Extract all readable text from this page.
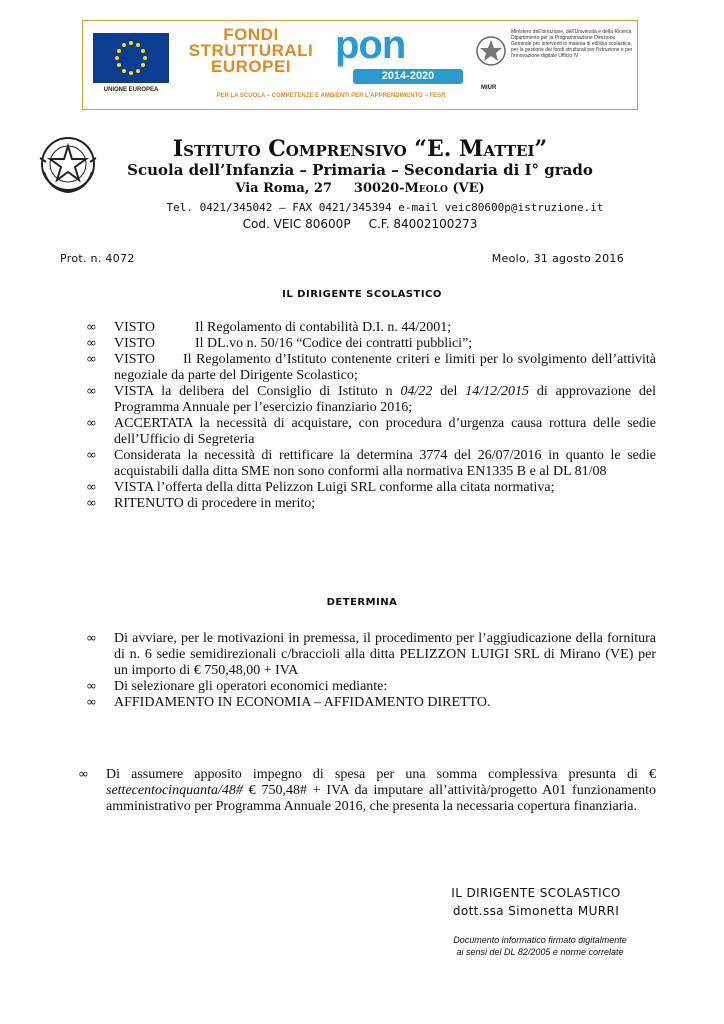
UNIONE EUROPEA
FONDI
STRUTTURALI
EUROPEI	pon
2014-2020
PER LA SCUOLA – COMPETENZE E AMBIENTI PER L'APPRENDIMENTO – FESR
Ministero dell'Istruzione, dell'Università e della Ricerca Dipartimento per la Programmazione Direzione Generale per interventi in materia di edilizia scolastica, per la gestione dei fondi strutturali per l'istruzione e per l'innovazione digitale Ufficio IV
MIUR
Istituto Comprensivo “E. Mattei”
Scuola dell’Infanzia – Primaria – Secondaria di I° grado
Via Roma, 27 30020-Meolo (VE)
Tel. 0421/345042 – FAX 0421/345394 e-mail veic80600p@istruzione.it
Cod. VEIC 80600P C.F. 84002100273
Prot. n. 4072	Meolo, 31 agosto 2016
IL DIRIGENTE SCOLASTICO
∞ VISTO	Il Regolamento di contabilità D.I. n. 44/2001;
∞ VISTO	Il DL.vo n. 50/16 “Codice dei contratti pubblici”;
∞ VISTO Il Regolamento d’Istituto contenente criteri e limiti per lo svolgimento dell’attività negoziale da parte del Dirigente Scolastico;
∞ VISTA la delibera del Consiglio di Istituto n 04/22 del 14/12/2015 di approvazione del Programma Annuale per l’esercizio finanziario 2016;
∞ ACCERTATA la necessità di acquistare, con procedura d’urgenza causa rottura delle sedie dell’Ufficio di Segreteria
∞ Considerata la necessità di rettificare la determina 3774 del 26/07/2016 in quanto le sedie acquistabili dalla ditta SME non sono conformi alla normativa EN1335 B e al DL 81/08
∞ VISTA l’offerta della ditta Pelizzon Luigi SRL conforme alla citata normativa;
∞ RITENUTO di procedere in merito;
DETERMINA
∞ Di avviare, per le motivazioni in premessa, il procedimento per l’aggiudicazione della fornitura di n. 6 sedie semidirezionali c/braccioli alla ditta PELIZZON LUIGI SRL di Mirano (VE) per un importo di € 750,48,00 + IVA
∞ Di selezionare gli operatori economici mediante:
∞ AFFIDAMENTO IN ECONOMIA – AFFIDAMENTO DIRETTO.
∞ Di assumere apposito impegno di spesa per una somma complessiva presunta di € settecentocinquanta/48# € 750,48# + IVA da imputare all’attività/progetto A01 funzionamento amministrativo per Programma Annuale 2016, che presenta la necessaria copertura finanziaria.
IL DIRIGENTE SCOLASTICO
dott.ssa Simonetta MURRI
Documento informatico firmato digitalmente
ai sensi del DL 82/2005 e norme correlate
